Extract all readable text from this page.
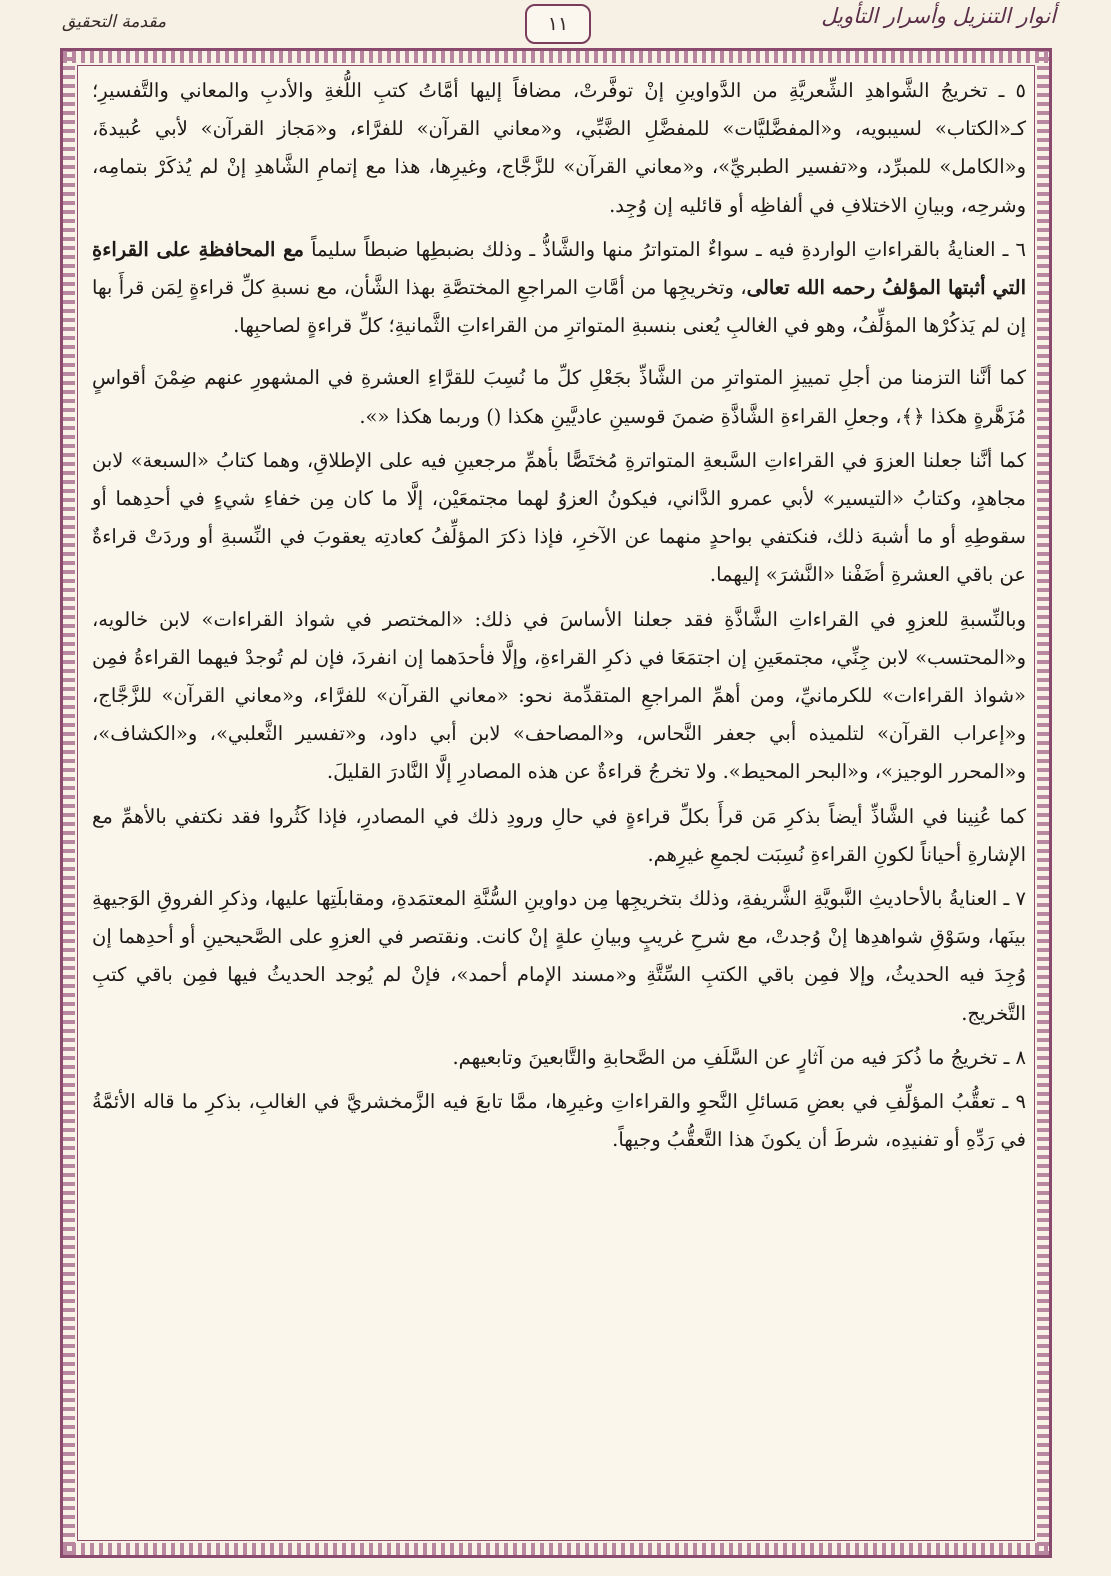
أنوار التنزيل وأسرار التأويل
١١
مقدمة التحقيق

٥ ـ تخريجُ الشَّواهدِ الشِّعريَّةِ من الدَّواوينِ إنْ توفَّرتْ، مضافاً إليها أمَّاتُ كتبِ اللُّغةِ والأدبِ والمعاني والتَّفسيرِ؛ كـ«الكتاب» لسيبويه، و«المفضَّليَّات» للمفضَّلِ الضَّبِّي، و«معاني القرآن» للفرَّاء، و«مَجاز القرآن» لأبي عُبيدةَ، و«الكامل» للمبرِّد، و«تفسير الطبريِّ»، و«معاني القرآن» للزَّجَّاج، وغيرِها، هذا مع إتمامِ الشَّاهدِ إنْ لم يُذكَرْ بتمامِه، وشرحِه، وبيانِ الاختلافِ في ألفاظِه أو قائليه إن وُجِد.

٦ ـ العنايةُ بالقراءاتِ الواردةِ فيه ـ سواءٌ المتواترُ منها والشَّاذُّ ـ وذلك بضبطِها ضبطاً سليماً مع المحافظةِ على القراءةِ التي أثبتها المؤلفُ رحمه الله تعالى، وتخريجِها من أمَّاتِ المراجعِ المختصَّةِ بهذا الشَّأن، مع نسبةِ كلِّ قراءةٍ لِمَن قرأَ بها إن لم يَذكُرْها المؤلِّفُ، وهو في الغالبِ يُعنى بنسبةِ المتواترِ من القراءاتِ الثَّمانيةِ؛ كلِّ قراءةٍ لصاحبِها.

كما أنَّنا التزمنا من أجلِ تمييزِ المتواترِ من الشَّاذِّ بجَعْلِ كلِّ ما نُسِبَ للقرَّاءِ العشرةِ في المشهورِ عنهم ضِمْنَ أقواسٍ مُزَهَّرةٍ هكذا ﴿﴾، وجعلِ القراءةِ الشَّاذَّةِ ضمنَ قوسينِ عاديَّينِ هكذا () وربما هكذا «».

كما أنَّنا جعلنا العزوَ في القراءاتِ السَّبعةِ المتواترةِ مُختَصًّا بأهمِّ مرجعينِ فيه على الإطلاقِ، وهما كتابُ «السبعة» لابن مجاهدٍ، وكتابُ «التيسير» لأبي عمرو الدَّاني، فيكونُ العزوُ لهما مجتمعَيْن، إلَّا ما كان مِن خفاءِ شيءٍ في أحدِهما أو سقوطِهِ أو ما أشبهَ ذلك، فنكتفي بواحدٍ منهما عن الآخرِ، فإذا ذكرَ المؤلِّفُ كعادتِه يعقوبَ في النِّسبةِ أو وردَتْ قراءةٌ عن باقي العشرةِ أضَفْنا «النَّشرَ» إليهما.

وبالنِّسبةِ للعزوِ في القراءاتِ الشَّاذَّةِ فقد جعلنا الأساسَ في ذلك: «المختصر في شواذ القراءات» لابن خالويه، و«المحتسب» لابن جِنِّي، مجتمعَينِ إن اجتمَعَا في ذكرِ القراءةِ، وإلَّا فأحدَهما إن انفردَ، فإن لم تُوجدْ فيهما القراءةُ فمِن «شواذ القراءات» للكرمانيِّ، ومن أهمِّ المراجعِ المتقدِّمة نحو: «معاني القرآن» للفرَّاء، و«معاني القرآن» للزَّجَّاج، و«إعراب القرآن» لتلميذه أبي جعفر النَّحاس، و«المصاحف» لابن أبي داود، و«تفسير الثَّعلبي»، و«الكشاف»، و«المحرر الوجيز»، و«البحر المحيط». ولا تخرجُ قراءةٌ عن هذه المصادرِ إلَّا النَّادرَ القليلَ.

كما عُنِينا في الشَّاذِّ أيضاً بذكرِ مَن قرأَ بكلِّ قراءةٍ في حالِ ورودِ ذلك في المصادرِ، فإذا كَثُروا فقد نكتفي بالأهمِّ مع الإشارةِ أحياناً لكونِ القراءةِ نُسِبَت لجمعِ غيرِهم.

٧ ـ العنايةُ بالأحاديثِ النَّبويَّةِ الشَّريفةِ، وذلك بتخريجِها مِن دواوينِ السُّنَّةِ المعتمَدةِ، ومقابلَتِها عليها، وذكرِ الفروقِ الوَجيهةِ بينَها، وسَوْقِ شواهدِها إنْ وُجدتْ، مع شرحِ غريبٍ وبيانِ علةٍ إنْ كانت. ونقتصر في العزوِ على الصَّحيحينِ أو أحدِهما إن وُجِدَ فيه الحديثُ، وإلا فمِن باقي الكتبِ السِّتَّةِ و«مسند الإمام أحمد»، فإنْ لم يُوجد الحديثُ فيها فمِن باقي كتبِ التَّخريج.

٨ ـ تخريجُ ما ذُكرَ فيه من آثارٍ عن السَّلَفِ من الصَّحابةِ والتَّابعينَ وتابعيهم.

٩ ـ تعقُّبُ المؤلِّفِ في بعضِ مَسائلِ النَّحوِ والقراءاتِ وغيرِها، ممَّا تابعَ فيه الزَّمخشريَّ في الغالبِ، بذكرِ ما قاله الأئمَّةُ في رَدِّهِ أو تفنيدِه، شرطَ أن يكونَ هذا التَّعقُّبُ وجيهاً.
